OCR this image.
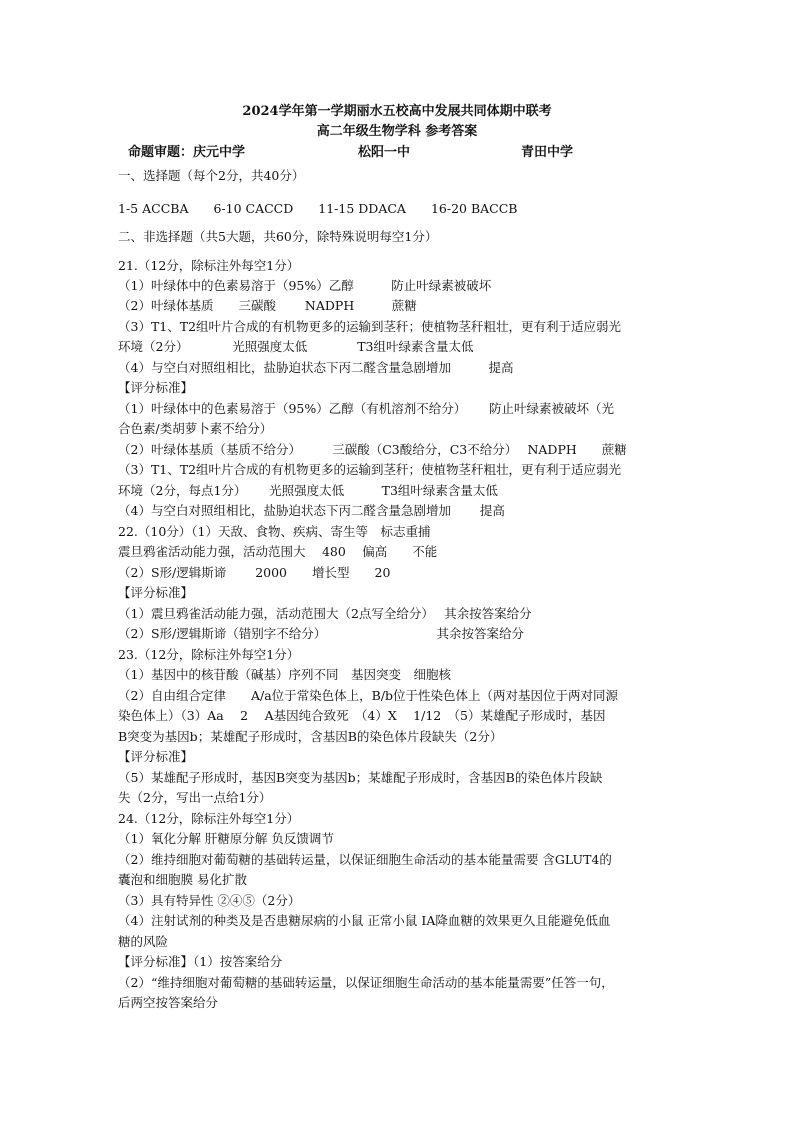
2024学年第一学期丽水五校高中发展共同体期中联考
高二年级生物学科 参考答案
命题审题：庆元中学	松阳一中	青田中学
一、选择题（每个2分，共40分）
1-5 ACCBA　　6-10 CACCD　　11-15 DDACA　　16-20 BACCB
二、非选择题（共5大题，共60分，除特殊说明每空1分）
21.（12分，除标注外每空1分）
（1）叶绿体中的色素易溶于（95%）乙醇　　　防止叶绿素被破坏
（2）叶绿体基质　　三碳酸　　 NADPH　　　蔗糖
（3）T1、T2组叶片合成的有机物更多的运输到茎秆；使植物茎秆粗壮，更有利于适应弱光
环境（2分）　　　　光照强度太低　　　　T3组叶绿素含量太低
（4）与空白对照组相比，盐胁迫状态下丙二醛含量急剧增加　　　提高
【评分标准】
（1）叶绿体中的色素易溶于（95%）乙醇（有机溶剂不给分）　　 防止叶绿素被破坏（光
合色素/类胡萝卜素不给分）
（2）叶绿体基质（基质不给分）　　　三碳酸（C3酸给分，C3不给分）　 NADPH　　蔗糖
（3）T1、T2组叶片合成的有机物更多的运输到茎秆；使植物茎秆粗壮，更有利于适应弱光
环境（2分，每点1分）　　 光照强度太低　　　T3组叶绿素含量太低
（4）与空白对照组相比，盐胁迫状态下丙二醛含量急剧增加　　 提高
22.（10分）（1）天敌、食物、疾病、寄生等　标志重捕
震旦鸦雀活动能力强，活动范围大　 480　 偏高　　不能
（2）S形/逻辑斯谛　　 2000　　增长型　　20
【评分标准】
（1）震旦鸦雀活动能力强，活动范围大（2点写全给分）　 其余按答案给分
（2）S形/逻辑斯谛（错别字不给分）　　　　　　　　　 其余按答案给分
23.（12分，除标注外每空1分）
（1）基因中的核苷酸（碱基）序列不同　基因突变　细胞核
（2）自由组合定律　　A/a位于常染色体上，B/b位于性染色体上（两对基因位于两对同源
染色体上）（3）Aa　 2　 A基因纯合致死　（4）X　 1/12　（5）某雄配子形成时，基因
B突变为基因b；某雄配子形成时，含基因B的染色体片段缺失（2分）
【评分标准】
（5）某雄配子形成时，基因B突变为基因b；某雄配子形成时，含基因B的染色体片段缺
失（2分，写出一点给1分）
24.（12分，除标注外每空1分）
（1）氧化分解 肝糖原分解 负反馈调节
（2）维持细胞对葡萄糖的基础转运量，以保证细胞生命活动的基本能量需要 含GLUT4的
囊泡和细胞膜 易化扩散
（3）具有特异性 ②④⑤（2分）
（4）注射试剂的种类及是否患糖尿病的小鼠 正常小鼠 IA降血糖的效果更久且能避免低血
糖的风险
【评分标准】（1）按答案给分
（2）“维持细胞对葡萄糖的基础转运量，以保证细胞生命活动的基本能量需要”任答一句，
后两空按答案给分
